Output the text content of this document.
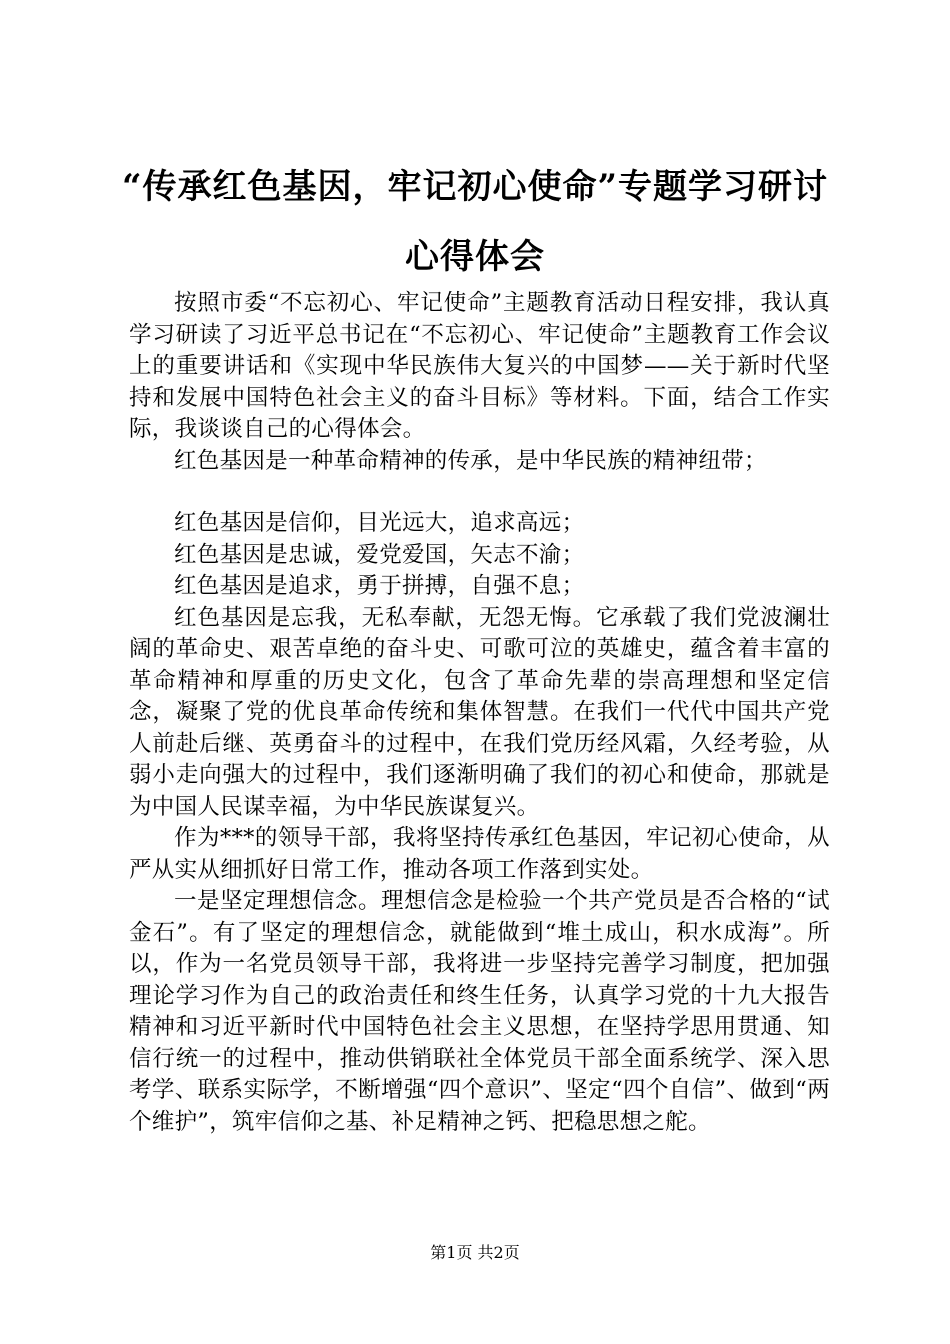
“传承红色基因，牢记初心使命”专题学习研讨心得体会

按照市委“不忘初心、牢记使命”主题教育活动日程安排，我认真学习研读了习近平总书记在“不忘初心、牢记使命”主题教育工作会议上的重要讲话和《实现中华民族伟大复兴的中国梦——关于新时代坚持和发展中国特色社会主义的奋斗目标》等材料。下面，结合工作实际，我谈谈自己的心得体会。

红色基因是一种革命精神的传承，是中华民族的精神纽带；

红色基因是信仰，目光远大，追求高远；

红色基因是忠诚，爱党爱国，矢志不渝；

红色基因是追求，勇于拼搏，自强不息；

红色基因是忘我，无私奉献，无怨无悔。它承载了我们党波澜壮阔的革命史、艰苦卓绝的奋斗史、可歌可泣的英雄史，蕴含着丰富的革命精神和厚重的历史文化，包含了革命先辈的崇高理想和坚定信念，凝聚了党的优良革命传统和集体智慧。在我们一代代中国共产党人前赴后继、英勇奋斗的过程中，在我们党历经风霜，久经考验，从弱小走向强大的过程中，我们逐渐明确了我们的初心和使命，那就是为中国人民谋幸福，为中华民族谋复兴。

作为***的领导干部，我将坚持传承红色基因，牢记初心使命，从严从实从细抓好日常工作，推动各项工作落到实处。

一是坚定理想信念。理想信念是检验一个共产党员是否合格的“试金石”。有了坚定的理想信念，就能做到“堆土成山，积水成海”。所以，作为一名党员领导干部，我将进一步坚持完善学习制度，把加强理论学习作为自己的政治责任和终生任务，认真学习党的十九大报告精神和习近平新时代中国特色社会主义思想，在坚持学思用贯通、知信行统一的过程中，推动供销联社全体党员干部全面系统学、深入思考学、联系实际学，不断增强“四个意识”、坚定“四个自信”、做到“两个维护”，筑牢信仰之基、补足精神之钙、把稳思想之舵。

第1页 共2页
